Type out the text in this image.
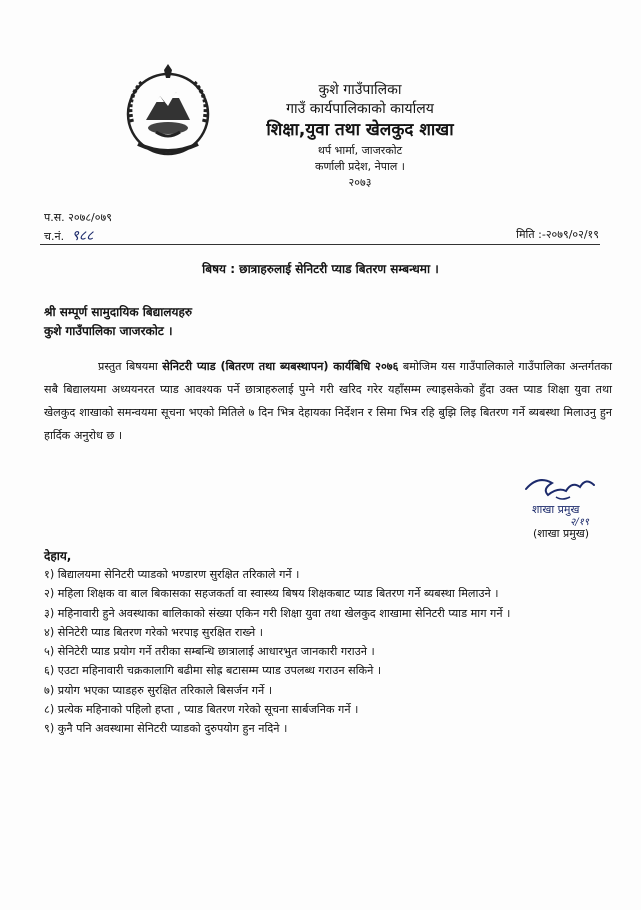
कुशे गाउँपालिका
गाउँ कार्यपालिकाको कार्यालय
शिक्षा,युवा तथा खेलकुद शाखा
थर्प भार्मा, जाजरकोट
कर्णाली प्रदेश, नेपाल ।
२०७३
प.स. २०७८/०७९
च.नं. ९८८	मिति :-२०७९/०२/१९
बिषय : छात्राहरुलाई सेनिटरी प्याड बितरण सम्बन्धमा ।
श्री सम्पूर्ण सामुदायिक बिद्यालयहरु
कुशे गाउँपालिका जाजरकोट ।
प्रस्तुत बिषयमा सेनिटरी प्याड (बितरण तथा ब्यबस्थापन) कार्यबिधि २०७६ बमोजिम यस गाउँपालिकाले गाउँपालिका अन्तर्गतका सबै बिद्यालयमा अध्ययनरत प्याड आवश्यक पर्ने छात्राहरुलाई पुग्ने गरी खरिद गरेर यहाँसम्म ल्याइसकेको हुँदा उक्त प्याड शिक्षा युवा तथा खेलकुद शाखाको समन्वयमा सूचना भएको मितिले ७ दिन भित्र देहायका निर्देशन र सिमा भित्र रहि बुझि लिइ बितरण गर्ने ब्यबस्था मिलाउनु हुन हार्दिक अनुरोध छ ।
शाखा प्रमुख
२/१९
(शाखा प्रमुख)
देहाय,
१) बिद्यालयमा सेनिटरी प्याडको भण्डारण सुरक्षित तरिकाले गर्ने ।
२) महिला शिक्षक वा बाल बिकासका सहजकर्ता वा स्वास्थ्य बिषय शिक्षकबाट प्याड बितरण गर्ने ब्यबस्था मिलाउने ।
३) महिनावारी हुने अवस्थाका बालिकाको संख्या एकिन गरी शिक्षा युवा तथा खेलकुद शाखामा सेनिटरी प्याड माग गर्ने ।
४) सेनिटेरी प्याड बितरण गरेको भरपाइ सुरक्षित राख्ने ।
५) सेनिटेरी प्याड प्रयोग गर्ने तरीका सम्बन्धि छात्रालाई आधारभुत जानकारी गराउने ।
६) एउटा महिनावारी चक्रकालागि बढीमा सोह्र बटासम्म प्याड उपलब्ध गराउन सकिने ।
७) प्रयोग भएका प्याडहरु सुरक्षित तरिकाले बिसर्जन गर्ने ।
८) प्रत्येक महिनाको पहिलो हप्ता , प्याड बितरण गरेको सूचना सार्बजनिक गर्ने ।
९) कुनै पनि अवस्थामा सेनिटरी प्याडको दुरुपयोग हुन नदिने ।
